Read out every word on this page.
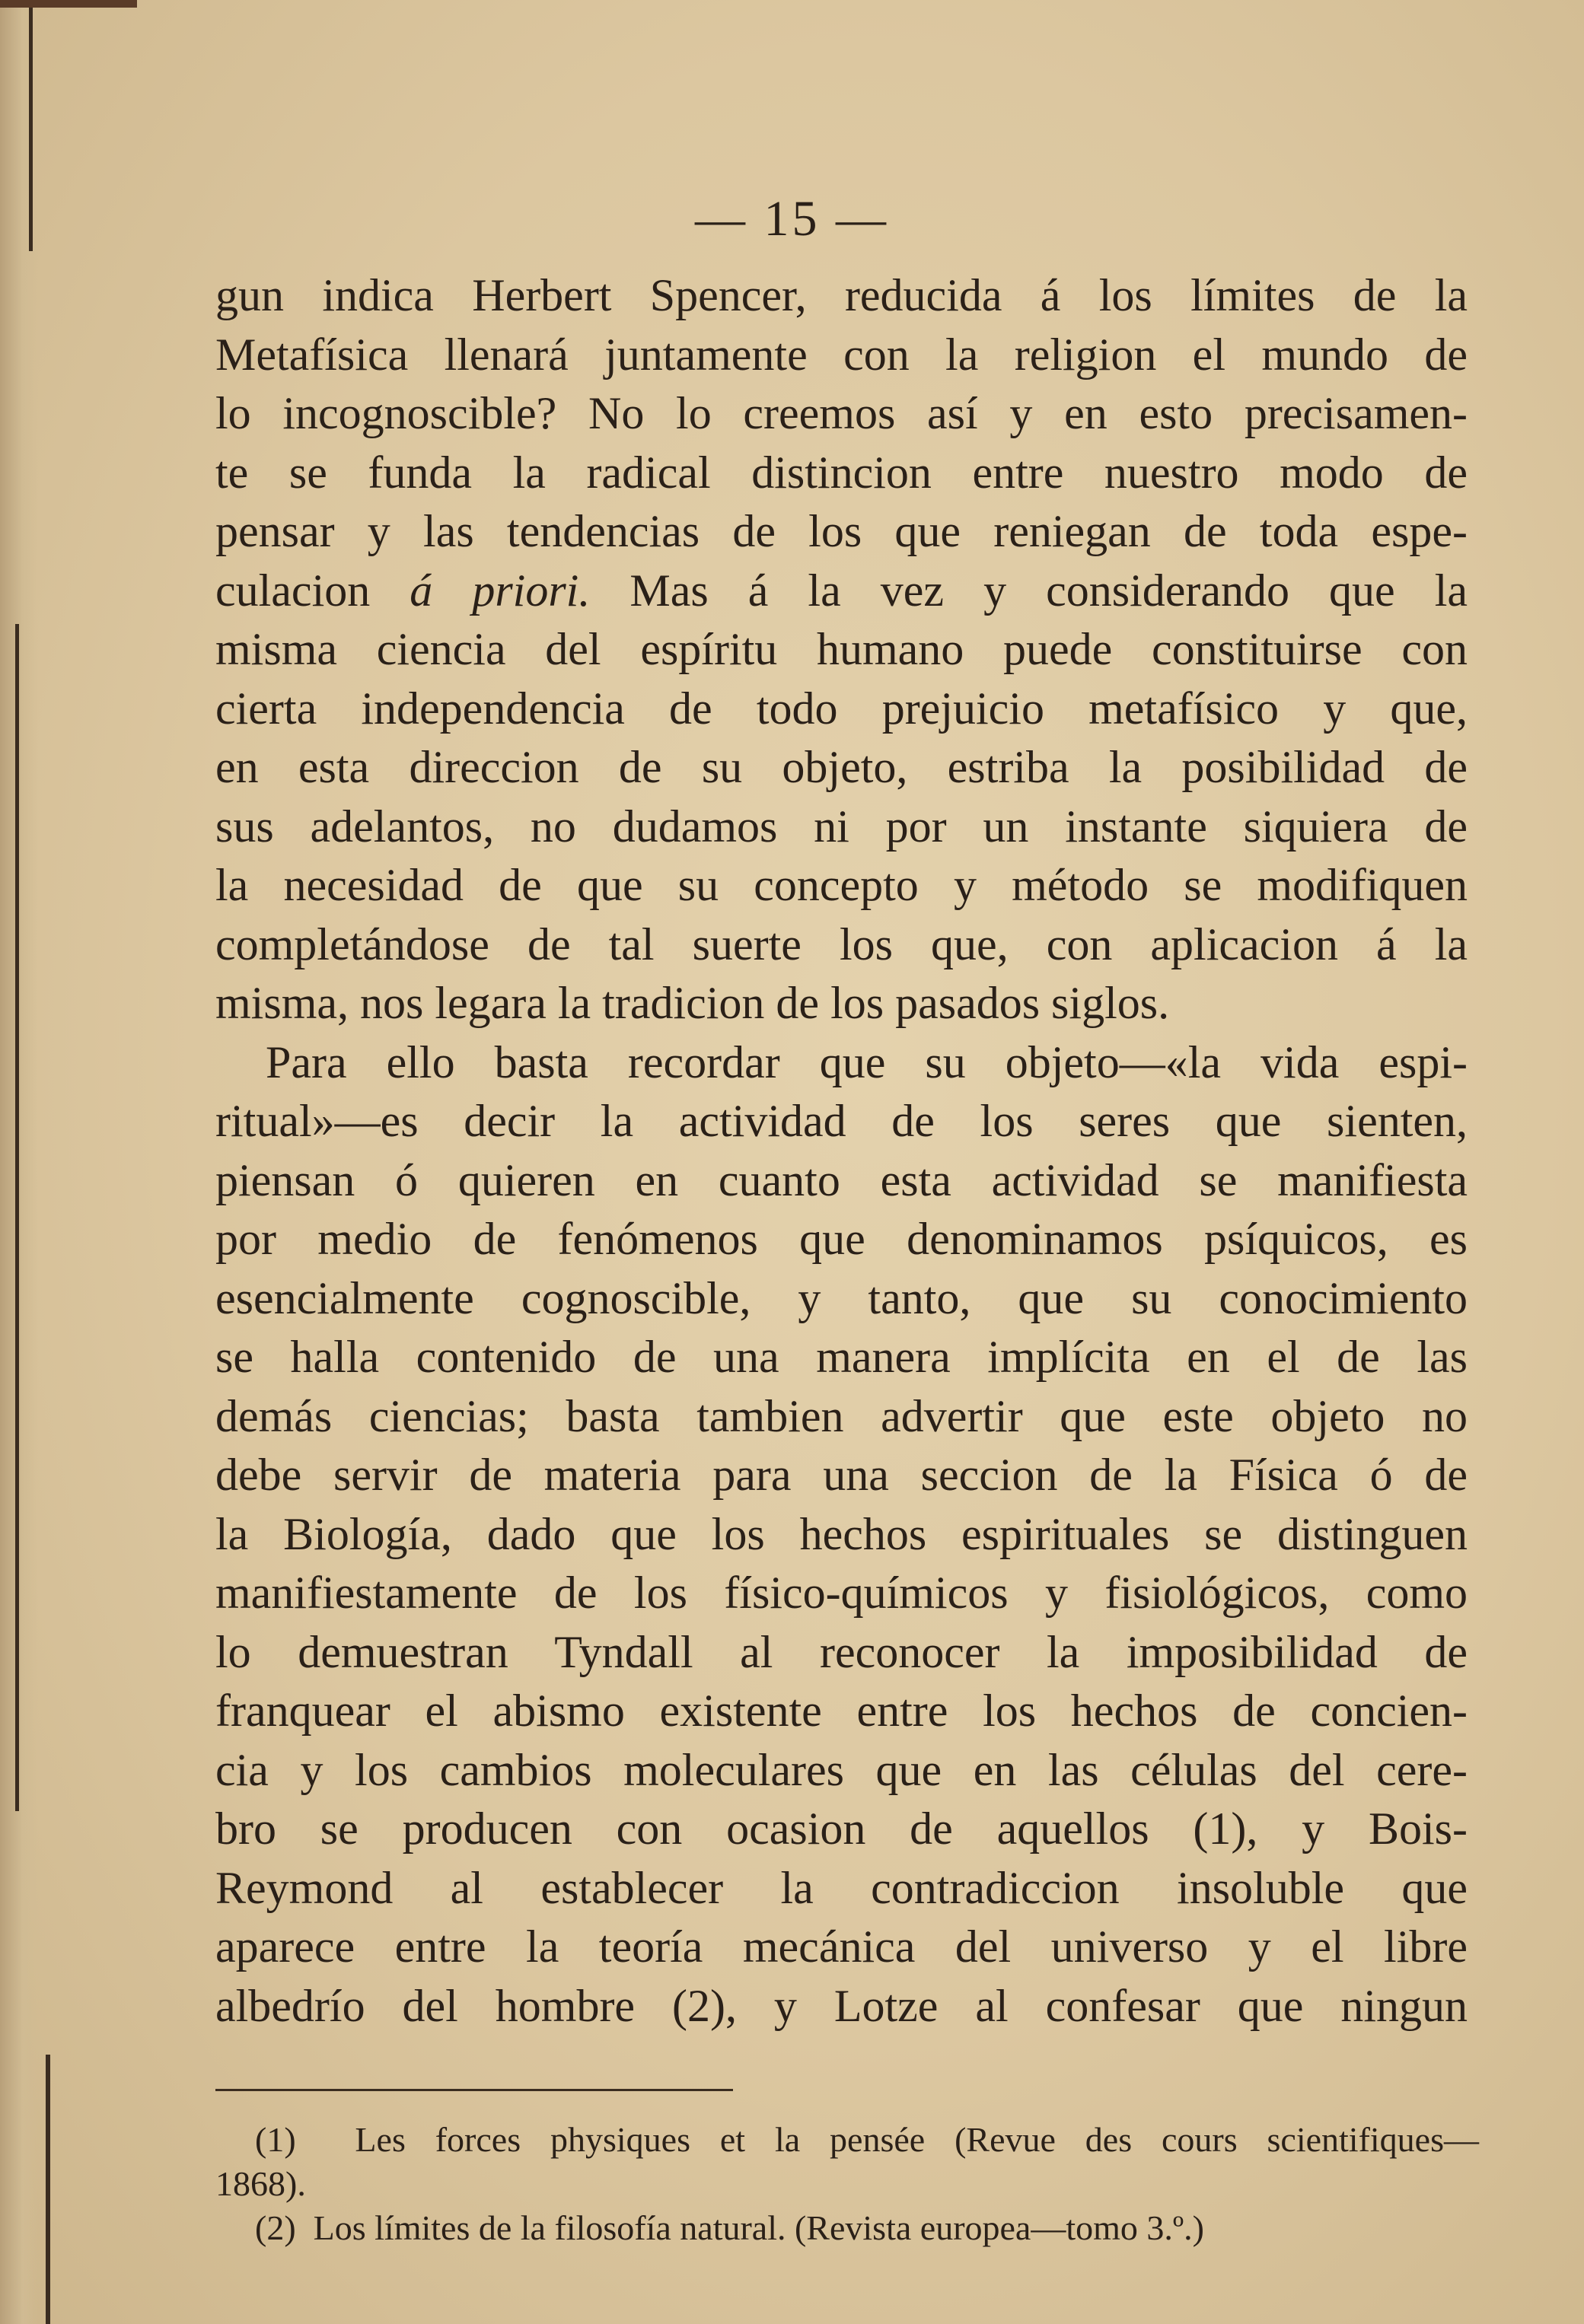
— 15 —
gun indica Herbert Spencer, reducida á los límites de la
Metafísica llenará juntamente con la religion el mundo de
lo incognoscible? No lo creemos así y en esto precisamen-
te se funda la radical distincion entre nuestro modo de
pensar y las tendencias de los que reniegan de toda espe-
culacion á priori. Mas á la vez y considerando que la
misma ciencia del espíritu humano puede constituirse con
cierta independencia de todo prejuicio metafísico y que,
en esta direccion de su objeto, estriba la posibilidad de
sus adelantos, no dudamos ni por un instante siquiera de
la necesidad de que su concepto y método se modifiquen
completándose de tal suerte los que, con aplicacion á la
misma, nos legara la tradicion de los pasados siglos.
Para ello basta recordar que su objeto—«la vida espi-
ritual»—es decir la actividad de los seres que sienten,
piensan ó quieren en cuanto esta actividad se manifiesta
por medio de fenómenos que denominamos psíquicos, es
esencialmente cognoscible, y tanto, que su conocimiento
se halla contenido de una manera implícita en el de las
demás ciencias; basta tambien advertir que este objeto no
debe servir de materia para una seccion de la Física ó de
la Biología, dado que los hechos espirituales se distinguen
manifiestamente de los físico-químicos y fisiológicos, como
lo demuestran Tyndall al reconocer la imposibilidad de
franquear el abismo existente entre los hechos de concien-
cia y los cambios moleculares que en las células del cere-
bro se producen con ocasion de aquellos (1), y Bois-
Reymond al establecer la contradiccion insoluble que
aparece entre la teoría mecánica del universo y el libre
albedrío del hombre (2), y Lotze al confesar que ningun
(1) Les forces physiques et la pensée (Revue des cours scientifiques—
1868).
(2) Los límites de la filosofía natural. (Revista europea—tomo 3.º.)
